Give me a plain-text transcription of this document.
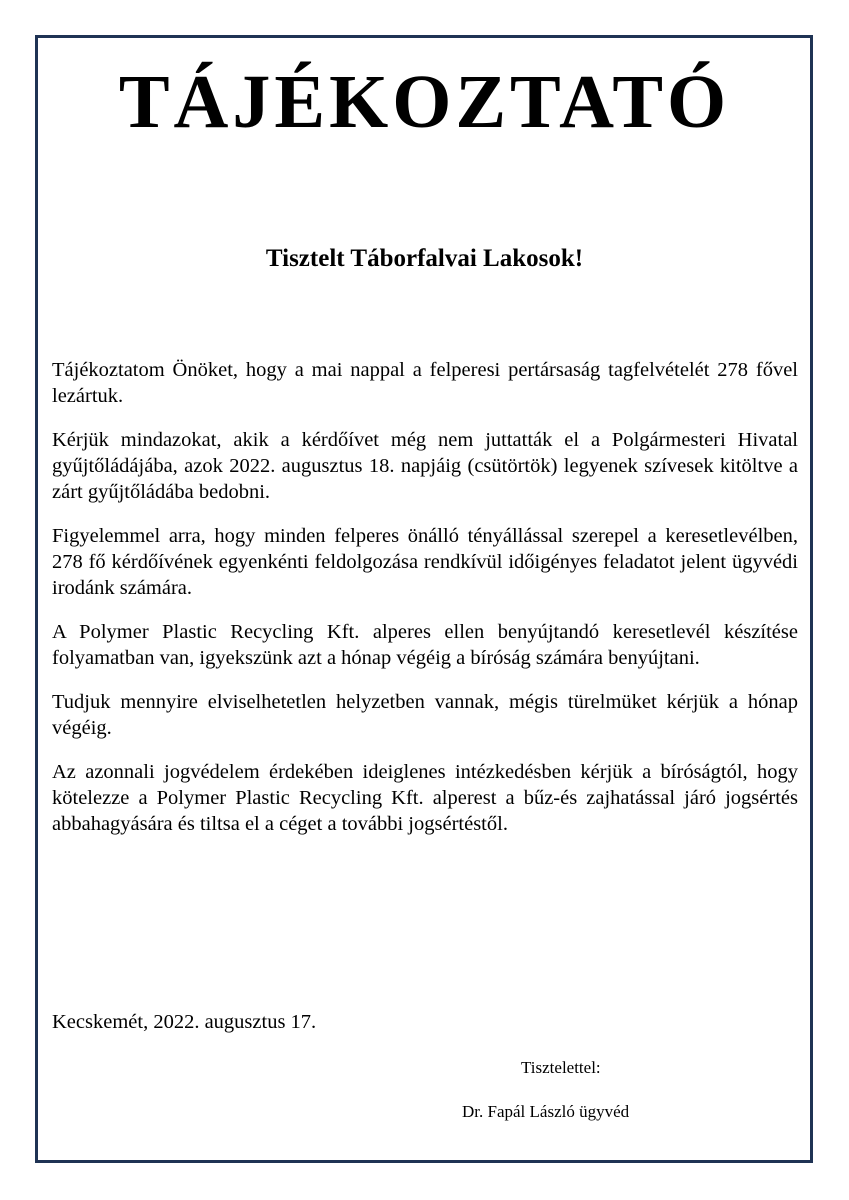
TÁJÉKOZTATÓ
Tisztelt Táborfalvai Lakosok!

Tájékoztatom Önöket, hogy a mai nappal a felperesi pertársaság tagfelvételét 278 fővel lezártuk.

Kérjük mindazokat, akik a kérdőívet még nem juttatták el a Polgármesteri Hivatal gyűjtőládájába, azok 2022. augusztus 18. napjáig (csütörtök) legyenek szívesek kitöltve a zárt gyűjtőládába bedobni.

Figyelemmel arra, hogy minden felperes önálló tényállással szerepel a keresetlevélben, 278 fő kérdőívének egyenkénti feldolgozása rendkívül időigényes feladatot jelent ügyvédi irodánk számára.

A Polymer Plastic Recycling Kft. alperes ellen benyújtandó keresetlevél készítése folyamatban van, igyekszünk azt a hónap végéig a bíróság számára benyújtani.

Tudjuk mennyire elviselhetetlen helyzetben vannak, mégis türelmüket kérjük a hónap végéig.

Az azonnali jogvédelem érdekében ideiglenes intézkedésben kérjük a bíróságtól, hogy kötelezze a Polymer Plastic Recycling Kft. alperest a bűz-és zajhatással járó jogsértés abbahagyására és tiltsa el a céget a további jogsértéstől.

Kecskemét, 2022. augusztus 17.

Tisztelettel:

Dr. Fapál László ügyvéd
